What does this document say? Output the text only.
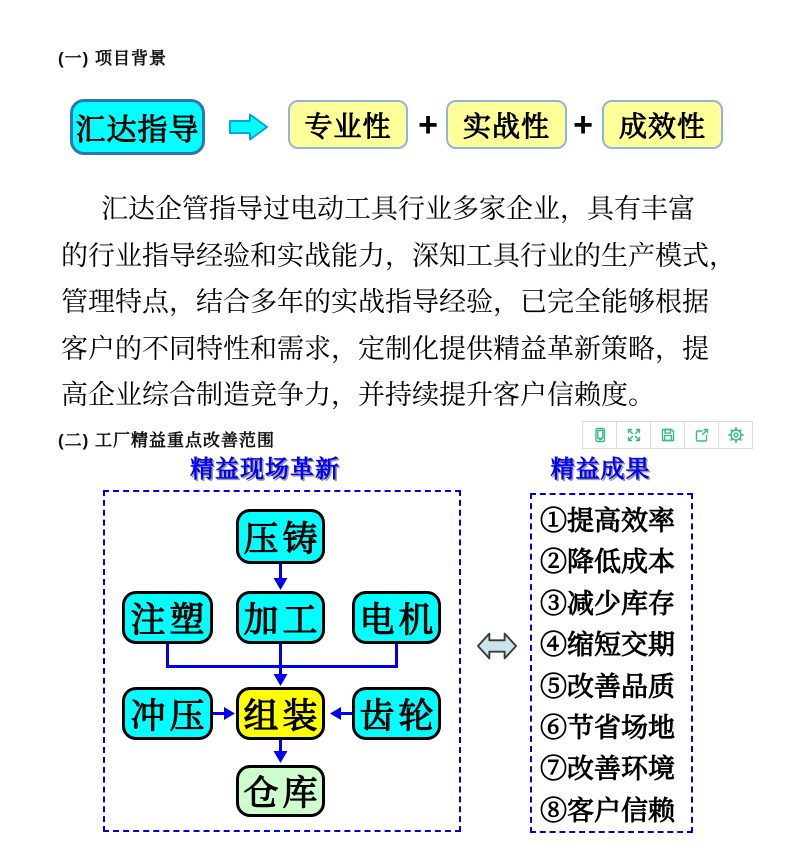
(一) 项目背景
汇达指导	专业性 + 实战性 + 成效性
汇达企管指导过电动工具行业多家企业，具有丰富
的行业指导经验和实战能力，深知工具行业的生产模式，
管理特点，结合多年的实战指导经验，已完全能够根据
客户的不同特性和需求，定制化提供精益革新策略，提
高企业综合制造竞争力，并持续提升客户信赖度。
(二) 工厂精益重点改善范围
精益现场革新	精益成果
压铸
注塑 加工 电机
冲压 组装 齿轮
仓库
①提高效率
②降低成本
③减少库存
④缩短交期
⑤改善品质
⑥节省场地
⑦改善环境
⑧客户信赖
